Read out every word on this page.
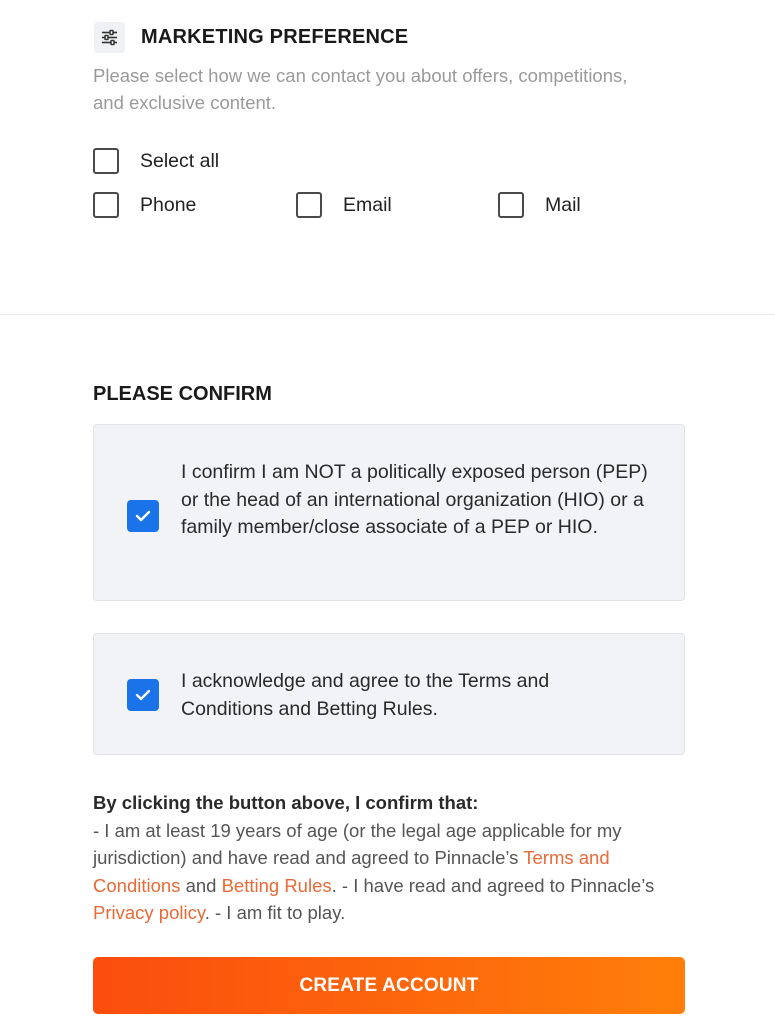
MARKETING PREFERENCE
Please select how we can contact you about offers, competitions, and exclusive content.
Select all
Phone	Email	Mail
PLEASE CONFIRM
I confirm I am NOT a politically exposed person (PEP) or the head of an international organization (HIO) or a family member/close associate of a PEP or HIO.
I acknowledge and agree to the Terms and Conditions and Betting Rules.
By clicking the button above, I confirm that:
- I am at least 19 years of age (or the legal age applicable for my jurisdiction) and have read and agreed to Pinnacle’s Terms and Conditions and Betting Rules. - I have read and agreed to Pinnacle’s Privacy policy. - I am fit to play.
CREATE ACCOUNT
